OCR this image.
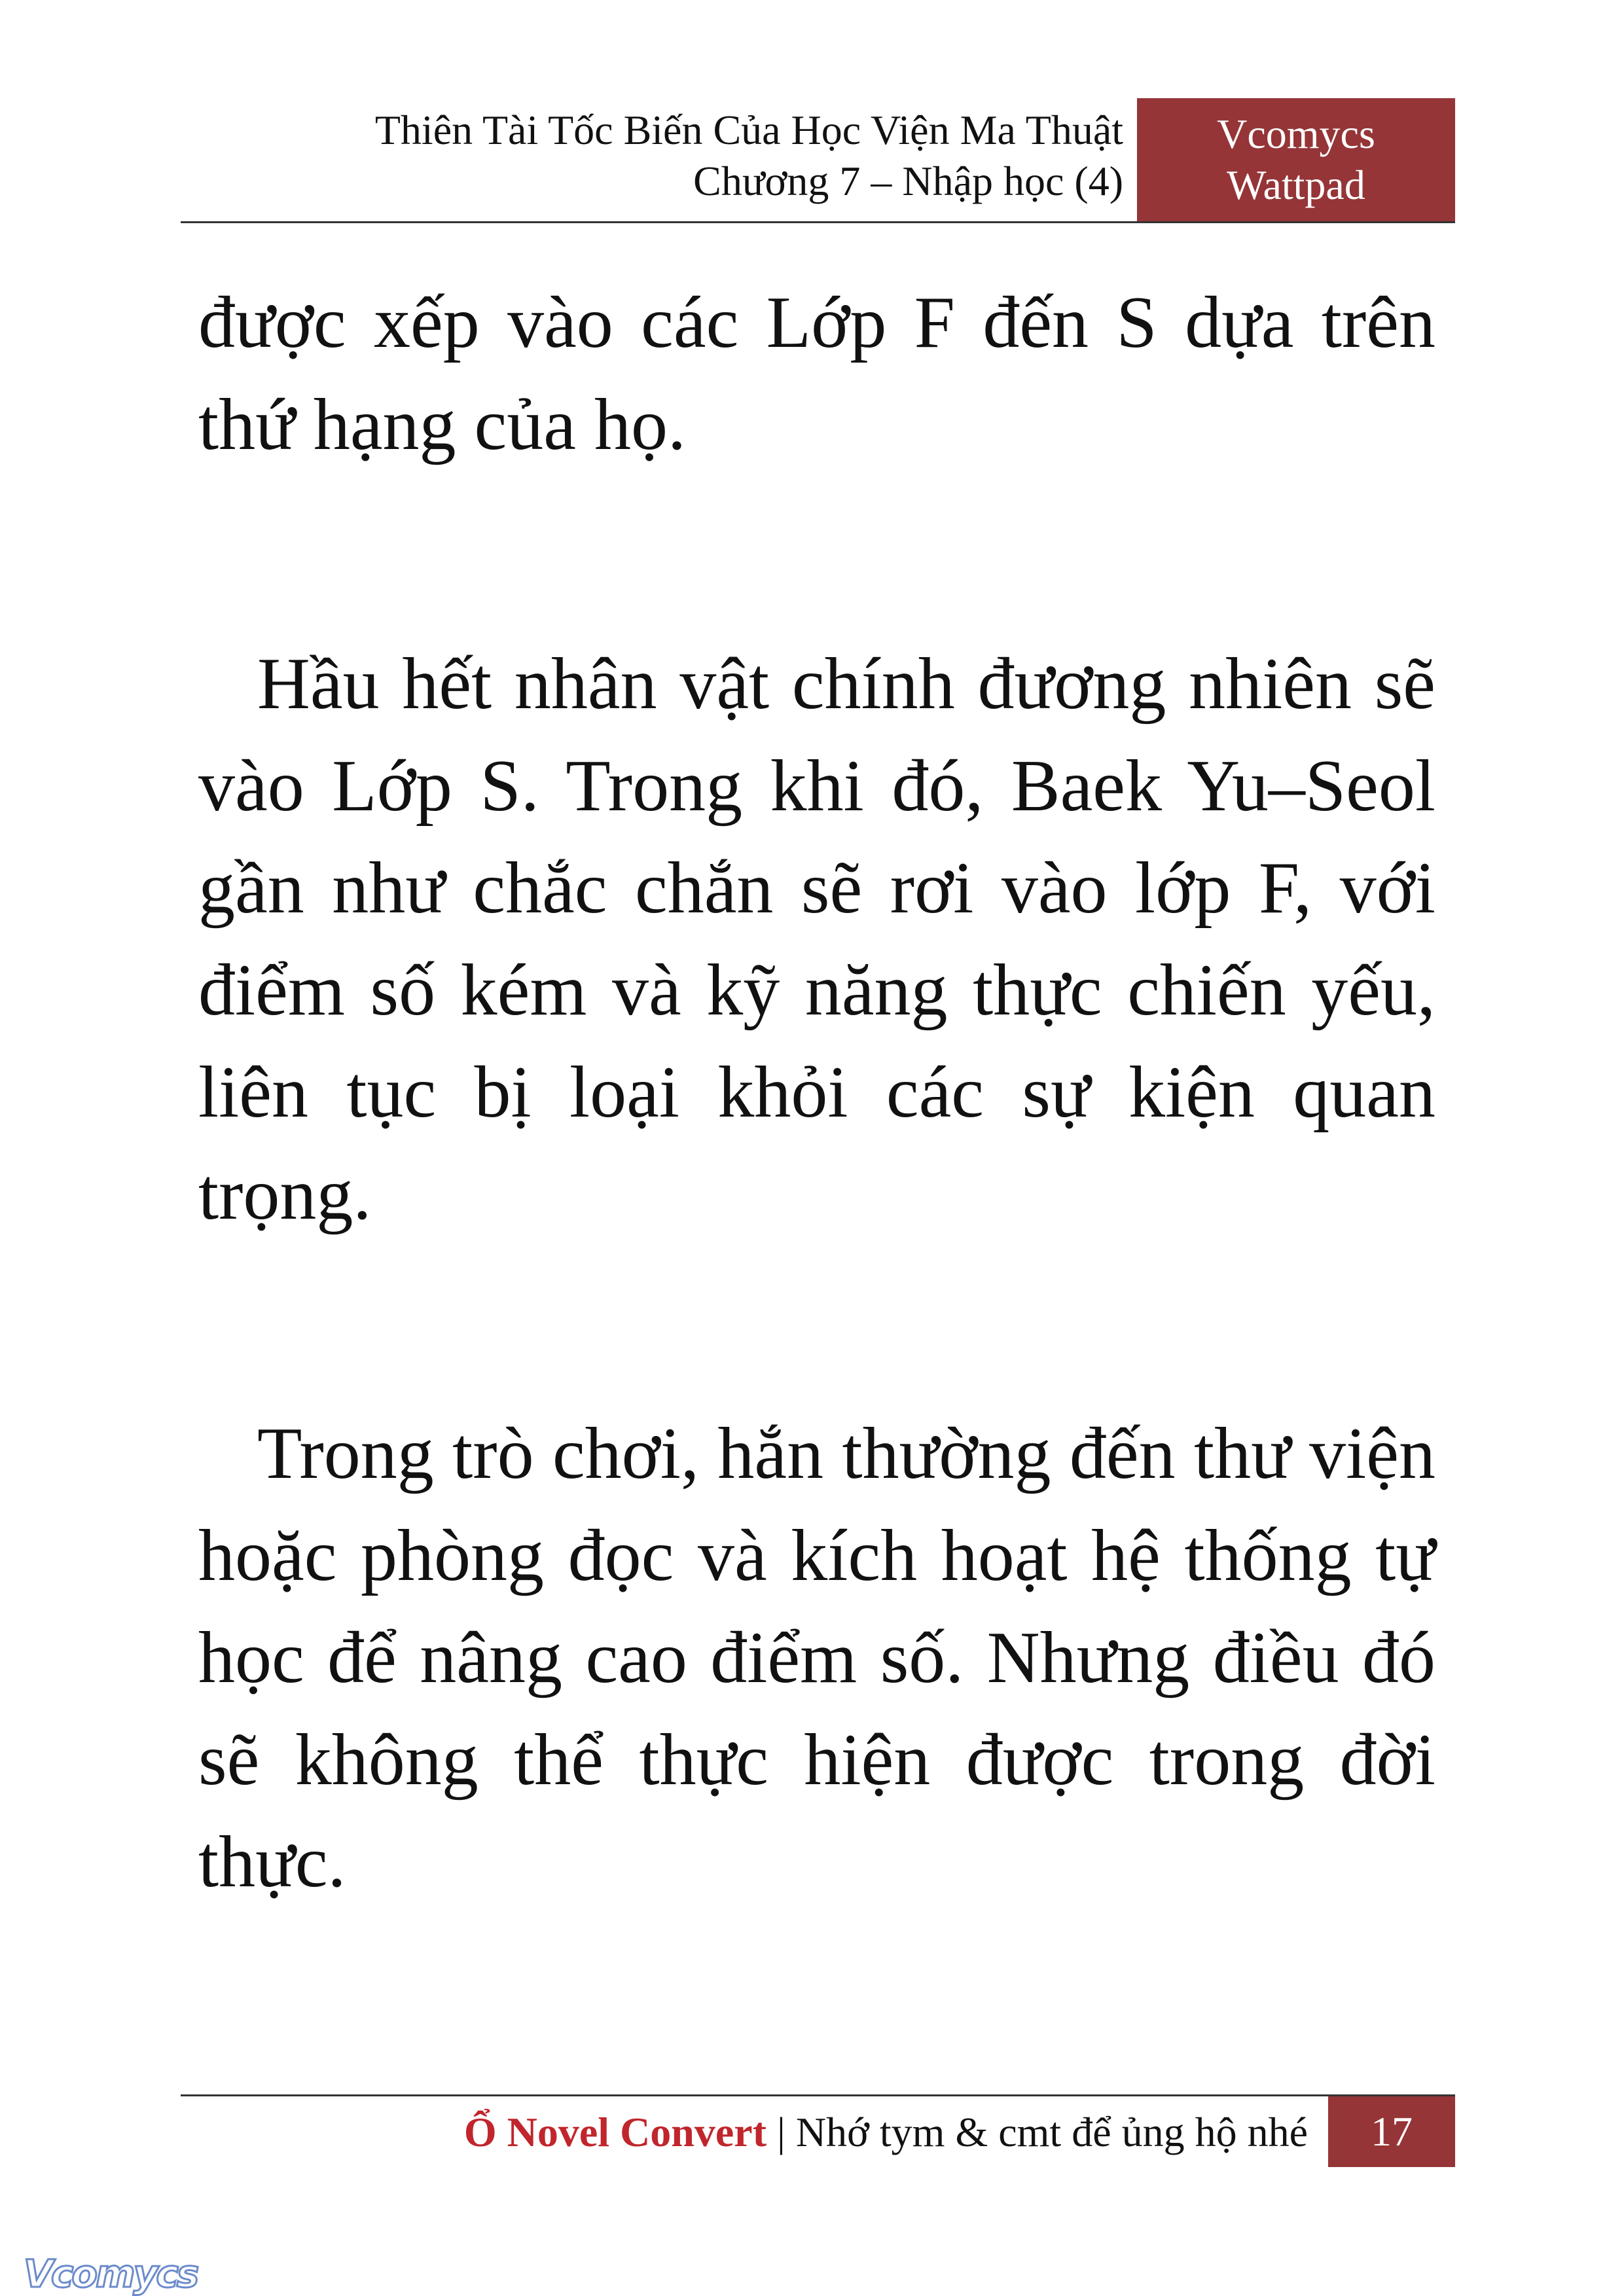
Thiên Tài Tốc Biến Của Học Viện Ma Thuật
Chương 7 – Nhập học (4)
Vcomycs
Wattpad

được xếp vào các Lớp F đến S dựa trên thứ hạng của họ.

Hầu hết nhân vật chính đương nhiên sẽ vào Lớp S. Trong khi đó, Baek Yu–Seol gần như chắc chắn sẽ rơi vào lớp F, với điểm số kém và kỹ năng thực chiến yếu, liên tục bị loại khỏi các sự kiện quan trọng.

Trong trò chơi, hắn thường đến thư viện hoặc phòng đọc và kích hoạt hệ thống tự học để nâng cao điểm số. Nhưng điều đó sẽ không thể thực hiện được trong đời thực.

Ổ Novel Convert | Nhớ tym & cmt để ủng hộ nhé	17
Vcomycs
